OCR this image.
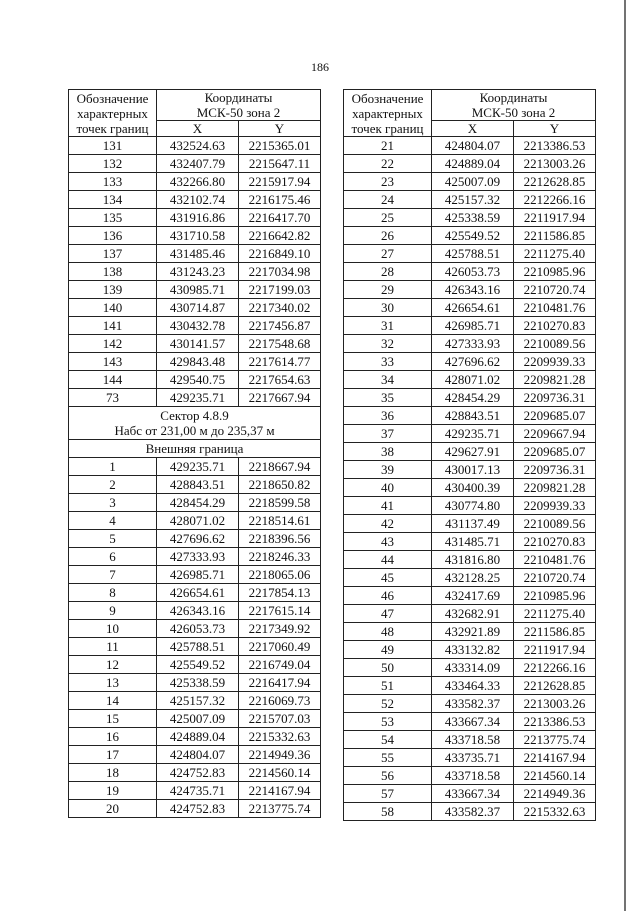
186
Обозначение
характерных
точек границ	Координаты
МСК-50 зона 2	
	X	Y
131	432524.63	2215365.01
132	432407.79	2215647.11
133	432266.80	2215917.94
134	432102.74	2216175.46
135	431916.86	2216417.70
136	431710.58	2216642.82
137	431485.46	2216849.10
138	431243.23	2217034.98
139	430985.71	2217199.03
140	430714.87	2217340.02
141	430432.78	2217456.87
142	430141.57	2217548.68
143	429843.48	2217614.77
144	429540.75	2217654.63
73	429235.71	2217667.94
Сектор 4.8.9
Набс от 231,00 м до 235,37 м		
Внешняя граница		
1	429235.71	2218667.94
2	428843.51	2218650.82
3	428454.29	2218599.58
4	428071.02	2218514.61
5	427696.62	2218396.56
6	427333.93	2218246.33
7	426985.71	2218065.06
8	426654.61	2217854.13
9	426343.16	2217615.14
10	426053.73	2217349.92
11	425788.51	2217060.49
12	425549.52	2216749.04
13	425338.59	2216417.94
14	425157.32	2216069.73
15	425007.09	2215707.03
16	424889.04	2215332.63
17	424804.07	2214949.36
18	424752.83	2214560.14
19	424735.71	2214167.94
20	424752.83	2213775.74
Обозначение
характерных
точек границ	Координаты
МСК-50 зона 2	
	X	Y
21	424804.07	2213386.53
22	424889.04	2213003.26
23	425007.09	2212628.85
24	425157.32	2212266.16
25	425338.59	2211917.94
26	425549.52	2211586.85
27	425788.51	2211275.40
28	426053.73	2210985.96
29	426343.16	2210720.74
30	426654.61	2210481.76
31	426985.71	2210270.83
32	427333.93	2210089.56
33	427696.62	2209939.33
34	428071.02	2209821.28
35	428454.29	2209736.31
36	428843.51	2209685.07
37	429235.71	2209667.94
38	429627.91	2209685.07
39	430017.13	2209736.31
40	430400.39	2209821.28
41	430774.80	2209939.33
42	431137.49	2210089.56
43	431485.71	2210270.83
44	431816.80	2210481.76
45	432128.25	2210720.74
46	432417.69	2210985.96
47	432682.91	2211275.40
48	432921.89	2211586.85
49	433132.82	2211917.94
50	433314.09	2212266.16
51	433464.33	2212628.85
52	433582.37	2213003.26
53	433667.34	2213386.53
54	433718.58	2213775.74
55	433735.71	2214167.94
56	433718.58	2214560.14
57	433667.34	2214949.36
58	433582.37	2215332.63
